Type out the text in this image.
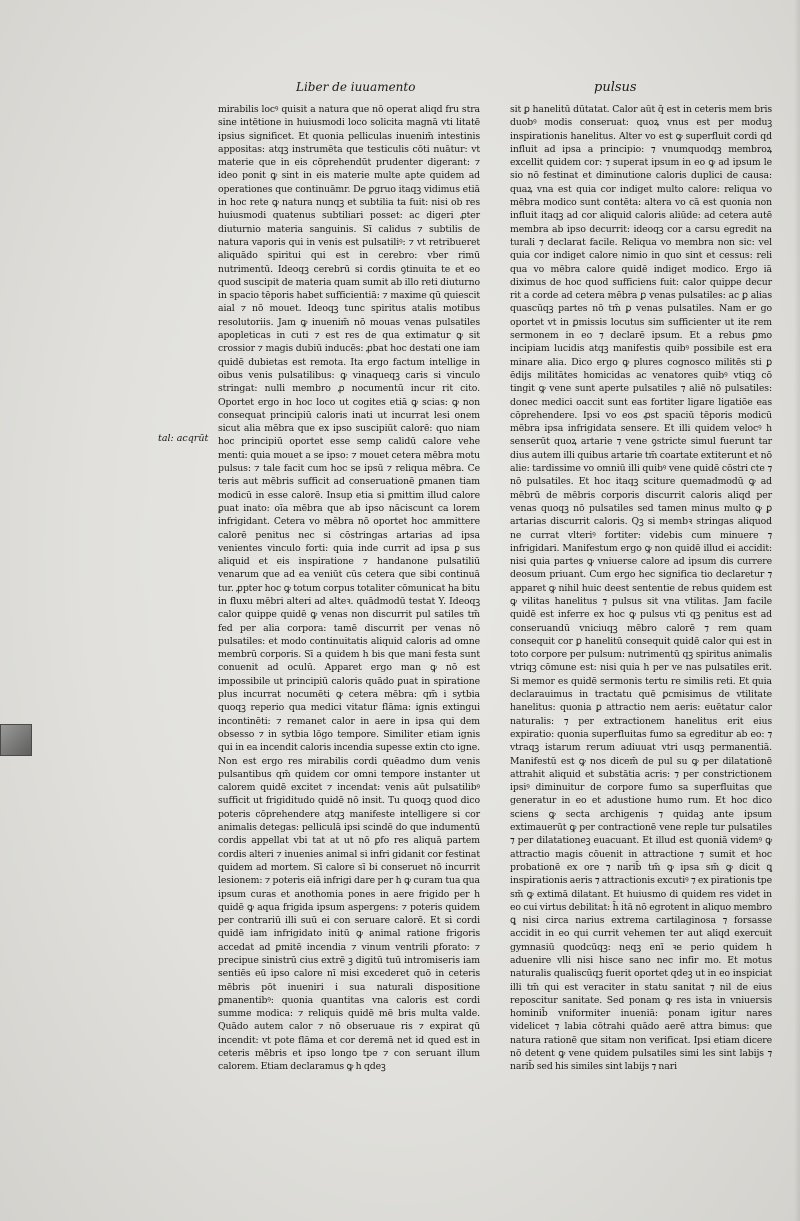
Liber de iuuamento	pulsus
tal: acqrūt
mirabilis locꝰ quisit a natura que nō operat aliqd fru stra sine intētione in huiusmodi loco solicita magnā vti litatē ipsius significet. Et quonia pelliculas inuenim̄ intestinis appositas: atqꝫ instrumēta que testiculis cōti nuātur: vt materie que in eis cōprehendūt prudenter digerant: ⁊ ideo ponit ꝙ sint in eis materie multe apte quidem ad operationes que continuāmr. De ꝑgruo itaqꝫ vidimus etiā in hoc rete ꝙ natura nunqꝫ et subtilia ta fuit: nisi ob res huiusmodi quatenus subtiliari posset: ac digeri ꝓter diuturnio materia sanguinis. Sī calidus ⁊ subtilis de natura vaporis qui in venis est pulsatiliꝰ: ⁊ vt retribueret aliquādo spiritui qui est in cerebro: vber rimū nutrimentū. Ideoqꝫ cerebrū si cordis ꝯtinuita te et eo quod suscipit de materia quam sumit ab illo reti diuturno in spacio tēporis habet sufficientiā: ⁊ maxime qū quiescit aial ⁊ nō mouet. Ideoqꝫ tunc spiritus atalis motibus resolutoriis. Jam ꝙ inuenim̄ nō mouas venas pulsatiles apopleticas in cuti ⁊ est res de qua extimatur ꝙ sit crossior ⁊ magis dubiū inducēs: ꝓbat hoc destati one iam quidē dubietas est remota. Ita ergo factum intellige in oibus venis pulsatilibus: ꝙ vinaqueqꝫ caris si vinculo stringat: nulli membro ꝓ nocumentū incur rit cito. Oportet ergo in hoc loco ut cogites etiā ꝙ scias: ꝙ non consequat principiū caloris inati ut incurrat lesi onem sicut alia mēbra que ex ipso suscipiūt calorē: quo niam hoc principiū oportet esse semp calidū calore vehe menti: quia mouet a se ipso: ⁊ mouet cetera mēbra motu pulsus: ⁊ tale facit cum hoc se ipsū ⁊ reliqua mēbra. Ce teris aut mēbris sufficit ad conseruationē ꝑmanen tiam modicū in esse calorē. Insup etia si ꝑmittim illud calore ꝑuat inato: oīa mēbra que ab ipso nāciscunt ca lorem infrigidant. Cetera vo mēbra nō oportet hoc ammittere calorē penitus nec si cōstringas artarias ad ipsa venientes vinculo forti: quia inde currit ad ipsa ꝑ sus aliquid et eis inspiratione ⁊ handanone pulsatiliū venarum que ad ea veniūt cūs cetera que sibi continuā tur. ꝓpter hoc ꝙ totum corpus totaliter cōmunicat ha bitu in fluxu mēbri alteri ad alteꝛ. quādmodū testat Y. Ideoqꝫ calor quippe quidē ꝙ venas non discurrit pul satiles tm̄ fed per alia corpora: tamē discurrit per venas nō pulsatiles: et modo continuitatis aliquid caloris ad omne membrū corporis. Sī a quidem h bis que mani festa sunt conuenit ad oculū. Apparet ergo man ꝙ nō est impossibile ut principiū caloris quādo ꝑuat in spiratione plus incurrat nocumēti ꝙ cetera mēbra: qm̄ i sytbia quoqꝫ reperio qua medici vitatur flāma: ignis extingui incontinēti: ⁊ remanet calor in aere in ipsa qui dem obsesso ⁊ in sytbia lōgo tempore. Similiter etiam ignis qui in ea incendit caloris incendia supesse extin cto igne. Non est ergo res mirabilis cordi quēadmo dum venis pulsantibus qm̄ quidem cor omni tempore instanter ut calorem quidē excitet ⁊ incendat: venis aūt pulsatilibꝰ sufficit ut frigiditudo quidē nō insit. Tu quoqꝫ quod dico poteris cōprehendere atqꝫ manifeste intelligere si cor animalis detegas: pelliculā ipsi scindē do que indumentū cordis appellat vbi tat at ut nō ꝑfo res aliquā partem cordis alteri ⁊ inuenies animal si infri gidanit cor festinat quidem ad mortem. Sī calore sī bi conseruet nō incurrit lesionem: ⁊ poteris eiā infrigi dare per h ꝙ curam tua qua ipsum curas et anothomia pones in aere frigido per h quidē ꝙ aqua frigida ipsum aspergens: ⁊ poteris quidem per contrariū illi suū ei con seruare calorē. Et si cordi quidē iam infrigidato initū ꝙ animal ratione frigoris accedat ad ꝑmitē incendia ⁊ vinum ventrili ꝑforato: ⁊ precipue sinistrū cius extrē ꝫ digitū tuū intromiseris iam sentiēs eū ipso calore nī misi excederet quō in ceteris mēbris pōt inueniri i sua naturali dispositione ꝑmanentibꝰ: quonia quantitas vna caloris est cordi summe modica: ⁊ reliquis quidē mē bris multa valde. Quādo autem calor ⁊ nō obseruaue ris ⁊ expirat qū incendit: vt pote flāma et cor deremā net id qued est in ceteris mēbris et ipso longo tpe ⁊ con seruant illum calorem. Etiam declaramus ꝙ h qdeꝫ
sit ꝑ hanelitū dūtatat. Calor aūt q̄ est in ceteris mem bris duobꝰ modis conseruat: quoꝝ vnus est per moduꝫ inspirationis hanelitus. Alter vo est ꝙ superfluit cordi qd influit ad ipsa a principio: ⁊ vnumquodqꝫ membroꝝ excellit quidem cor: ⁊ superat ipsum in eo ꝙ ad ipsum le sio nō festinat et diminutione caloris duplici de causa: quaꝝ vna est quia cor indiget multo calore: reliqua vo mēbra modico sunt contēta: altera vo cā est quonia non influit itaqꝫ ad cor aliquid caloris aliūde: ad cetera autē membra ab ipso decurrit: ideoqꝫ cor a carsu egredit na turali ⁊ declarat facile. Reliqua vo membra non sic: vel quia cor indiget calore nimio in quo sint et cessus: reli qua vo mēbra calore quidē indiget modico. Ergo iā diximus de hoc quod sufficiens fuit: calor quippe decur rit a corde ad cetera mēbra ꝑ venas pulsatiles: ac ꝑ alias quascūqꝫ partes nō tm̄ ꝑ venas pulsatiles. Nam er go oportet vt in ꝑmissis locutus sim sufficienter ut ite rem sermonem in eo ⁊ declarē ipsum. Et a rebus ꝑmo incipiam lucidis atqꝫ manifestis quibꝰ possibile est era minare alia. Dico ergo ꝙ plures cognosco militēs sti ꝑ ēdijs militātes homicidas ac venatores quibꝰ vtiqꝫ cō tingit ꝙ vene sunt aperte pulsatiles ⁊ aliē nō pulsatiles: donec medici oaccit sunt eas fortiter ligare ligatiōe eas cōprehendere. Ipsi vo eos ꝓst spaciū tēporis modicū mēbra ipsa infrigidata sensere. Et illi quidem velocꝰ h senserūt quoꝝ artarie ⁊ vene ꝯstricte simul fuerunt tar dius autem illi quibus artarie tm̄ coartate extiterunt et nō alie: tardissime vo omniū illi quibꝰ vene quidē cōstri cte ⁊ nō pulsatiles. Et hoc itaqꝫ sciture quemadmodū ꝙ ad mēbrū de mēbris corporis discurrit caloris aliqd per venas quoqꝫ nō pulsatiles sed tamen minus multo ꝙ ꝑ artarias discurrit caloris. Qꝫ si membꝛ stringas aliquod ne currat vlteriꝰ fortiter: videbis cum minuere ⁊ infrigidari. Manifestum ergo ꝙ non quidē illud ei accidit: nisi quia partes ꝙ vniuerse calore ad ipsum dis currere deosum priuant. Cum ergo hec significa tio declaretur ⁊ apparet ꝙ nihil huic deest sententie de rebus quidem est ꝙ vilitas hanelitus ⁊ pulsus sit vna vtilitas. Jam facile quidē est inferre ex hoc ꝙ pulsus vti qꝫ penitus est ad conseruandū vniciuqꝫ mēbro calorē ⁊ rem quam consequit cor ꝑ hanelitū consequit quidē calor qui est in toto corpore per pulsum: nutrimentū qꝫ spiritus animalis vtriqꝫ cōmune est: nisi quia h per ve nas pulsatiles erit. Si memor es quidē sermonis tertu re similis reti. Et quia declarauimus in tractatu quē ꝑcmisimus de vtilitate hanelitus: quonia ꝑ attractio nem aeris: euētatur calor naturalis: ⁊ per extractionem hanelitus erit eius expiratio: quonia superfluitas fumo sa egreditur ab eo: ⁊ vtraqꝫ istarum rerum adiuuat vtri usqꝫ permanentiā. Manifestū est ꝙ nos dicem̄ de pul su ꝙ per dilatationē attrahit aliquid et substātia acris: ⁊ per constrictionem ipsiꝰ diminuitur de corpore fumo sa superfluitas que generatur in eo et adustione humo rum. Et hoc dico sciens ꝙ secta archigenis ⁊ quidaꝫ ante ipsum extimauerūt ꝙ per contractionē vene reple tur pulsatiles ⁊ per dilatationeꝫ euacuant. Et illud est quoniā videmꝰ ꝙ attractio magis cōuenit in attractione ⁊ sumit et hoc probationē ex ore ⁊ narib̄ tm̄ ꝙ ipsa sm̄ ꝙ dicit ꝗ inspirationis aeris ⁊ attractionis excutiꝰ ⁊ ex pirationis tpe sm̄ ꝙ extimā dilatant. Et huiusmo di quidem res videt in eo cui virtus debilitat: h̄ itā nō egrotent in aliquo membro ꝗ nisi circa narius extrema cartilaginosa ⁊ forsasse accidit in eo qui currit vehemen ter aut aliqd exercuit gymnasiū quodcūqꝫ: neqꝫ enī ꝛe perio quidem h aduenire vlli nisi hisce sano nec infir mo. Et motus naturalis qualiscūqꝫ fuerit oportet qdeꝫ ut in eo inspiciat illi tm̄ qui est veraciter in statu sanitat ⁊ nil de eius reposcitur sanitate. Sed ponam ꝙ res ista in vniuersis hominib̄ vniformiter inueniā: ponam igitur nares videlicet ⁊ labia cōtrahi quādo aerē attra bimus: que natura rationē que sitam non verificat. Ipsi etiam dicere nō detent ꝙ vene quidem pulsatiles simi les sint labijs ⁊ narib̄ sed his similes sint labijs ⁊ nari
